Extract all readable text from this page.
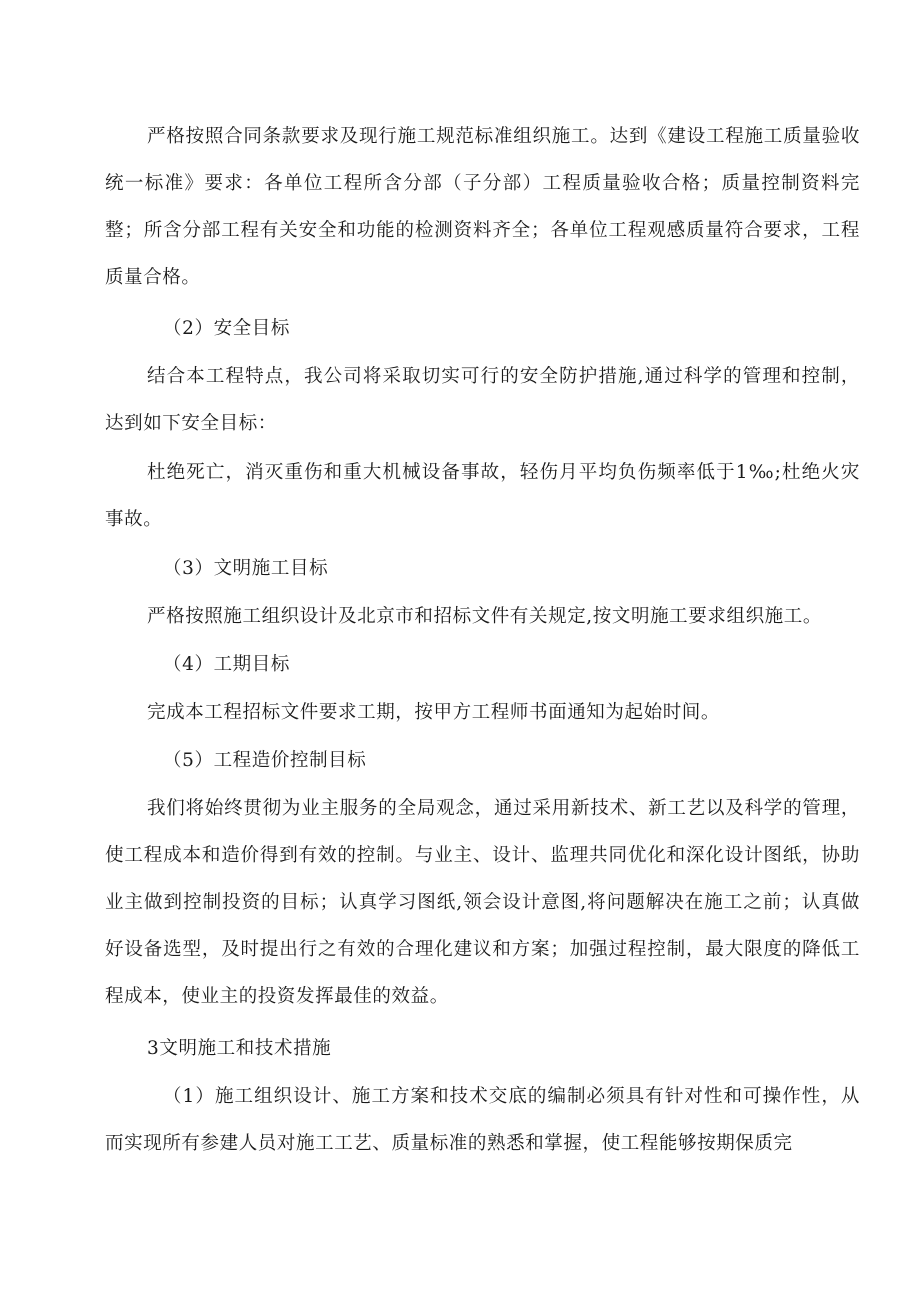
严格按照合同条款要求及现行施工规范标准组织施工。达到《建设工程施工质量验收统一标准》要求：各单位工程所含分部（子分部）工程质量验收合格；质量控制资料完整；所含分部工程有关安全和功能的检测资料齐全；各单位工程观感质量符合要求，工程质量合格。

（2）安全目标

结合本工程特点，我公司将采取切实可行的安全防护措施,通过科学的管理和控制，达到如下安全目标：

杜绝死亡，消灭重伤和重大机械设备事故，轻伤月平均负伤频率低于1‰;杜绝火灾事故。

（3）文明施工目标

严格按照施工组织设计及北京市和招标文件有关规定,按文明施工要求组织施工。

（4）工期目标

完成本工程招标文件要求工期，按甲方工程师书面通知为起始时间。

（5）工程造价控制目标

我们将始终贯彻为业主服务的全局观念，通过采用新技术、新工艺以及科学的管理，使工程成本和造价得到有效的控制。与业主、设计、监理共同优化和深化设计图纸，协助业主做到控制投资的目标；认真学习图纸,领会设计意图,将问题解决在施工之前；认真做好设备选型，及时提出行之有效的合理化建议和方案；加强过程控制，最大限度的降低工程成本，使业主的投资发挥最佳的效益。

3文明施工和技术措施

（1）施工组织设计、施工方案和技术交底的编制必须具有针对性和可操作性，从而实现所有参建人员对施工工艺、质量标准的熟悉和掌握，使工程能够按期保质完
